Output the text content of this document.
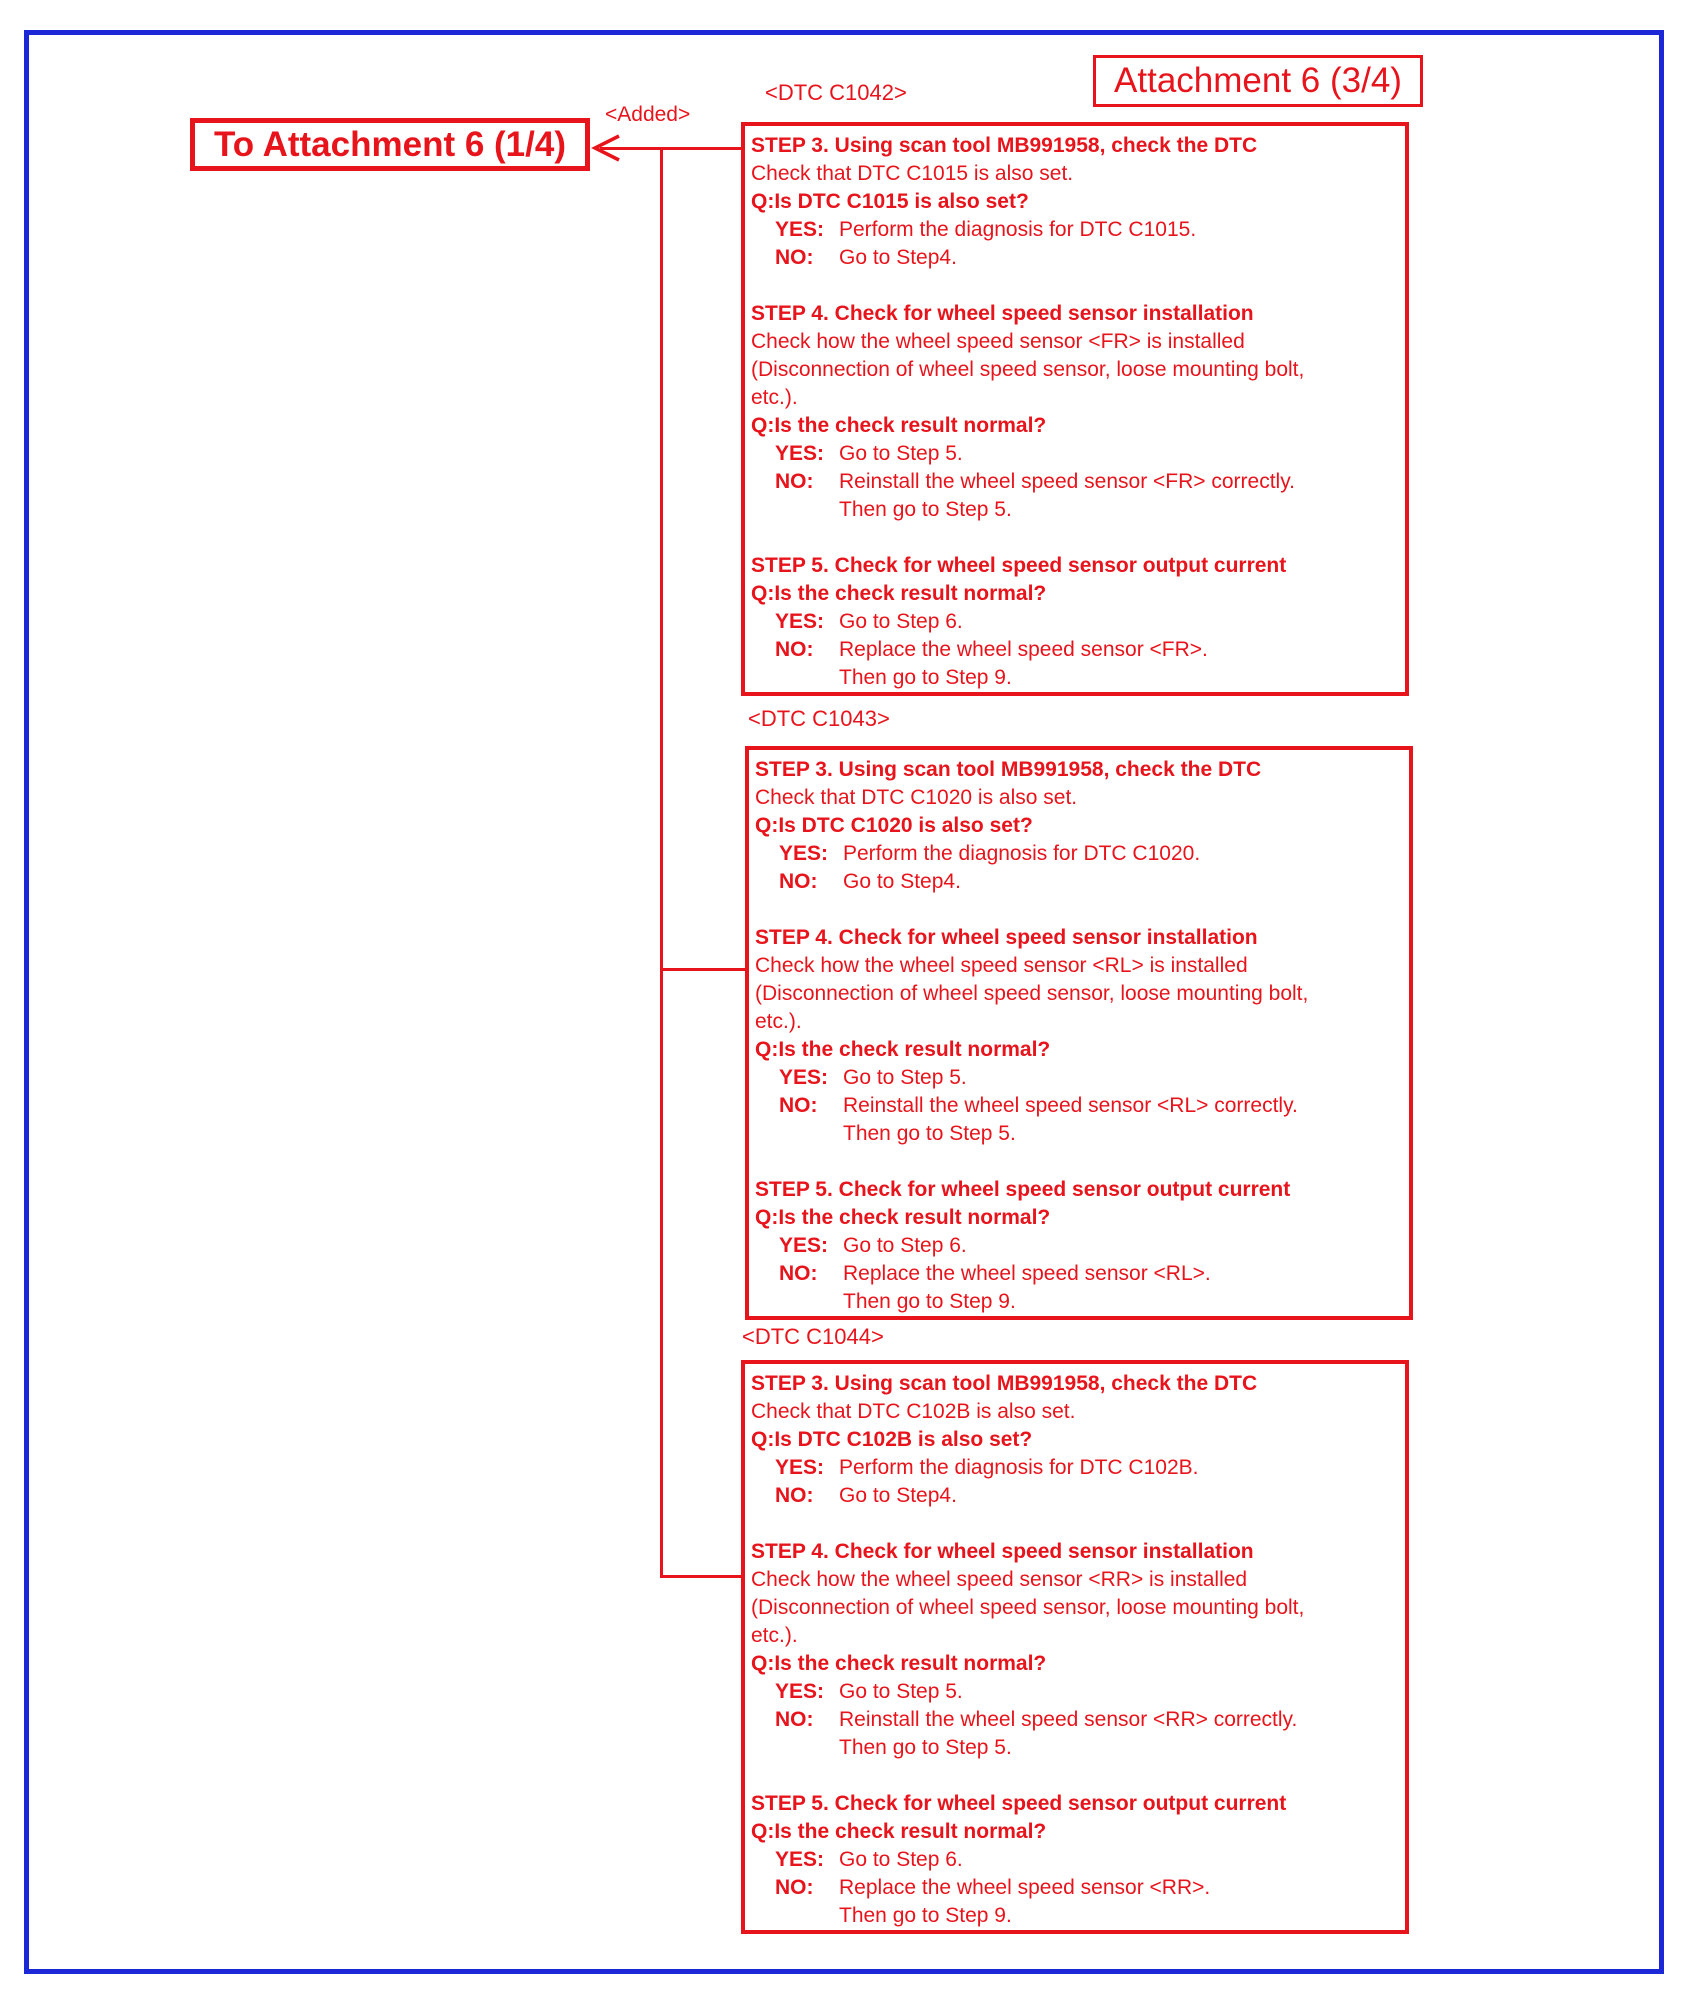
Attachment 6 (3/4)
To Attachment 6 (1/4)
<Added>
<DTC C1042>
STEP 3. Using scan tool MB991958, check the DTC
Check that DTC C1015 is also set.
Q:Is DTC C1015 is also set?
YES: Perform the diagnosis for DTC C1015.
NO:	Go to Step4.
STEP 4. Check for wheel speed sensor installation
Check how the wheel speed sensor <FR> is installed
(Disconnection of wheel speed sensor, loose mounting bolt,
etc.).
Q:Is the check result normal?
YES: Go to Step 5.
NO:	Reinstall the wheel speed sensor <FR> correctly.
Then go to Step 5.
STEP 5. Check for wheel speed sensor output current
Q:Is the check result normal?
YES: Go to Step 6.
NO:	Replace the wheel speed sensor <FR>.
Then go to Step 9.
<DTC C1043>
STEP 3. Using scan tool MB991958, check the DTC
Check that DTC C1020 is also set.
Q:Is DTC C1020 is also set?
YES: Perform the diagnosis for DTC C1020.
NO:	Go to Step4.
STEP 4. Check for wheel speed sensor installation
Check how the wheel speed sensor <RL> is installed
(Disconnection of wheel speed sensor, loose mounting bolt,
etc.).
Q:Is the check result normal?
YES: Go to Step 5.
NO:	Reinstall the wheel speed sensor <RL> correctly.
Then go to Step 5.
STEP 5. Check for wheel speed sensor output current
Q:Is the check result normal?
YES: Go to Step 6.
NO:	Replace the wheel speed sensor <RL>.
Then go to Step 9.
<DTC C1044>
STEP 3. Using scan tool MB991958, check the DTC
Check that DTC C102B is also set.
Q:Is DTC C102B is also set?
YES: Perform the diagnosis for DTC C102B.
NO:	Go to Step4.
STEP 4. Check for wheel speed sensor installation
Check how the wheel speed sensor <RR> is installed
(Disconnection of wheel speed sensor, loose mounting bolt,
etc.).
Q:Is the check result normal?
YES: Go to Step 5.
NO:	Reinstall the wheel speed sensor <RR> correctly.
Then go to Step 5.
STEP 5. Check for wheel speed sensor output current
Q:Is the check result normal?
YES: Go to Step 6.
NO:	Replace the wheel speed sensor <RR>.
Then go to Step 9.
